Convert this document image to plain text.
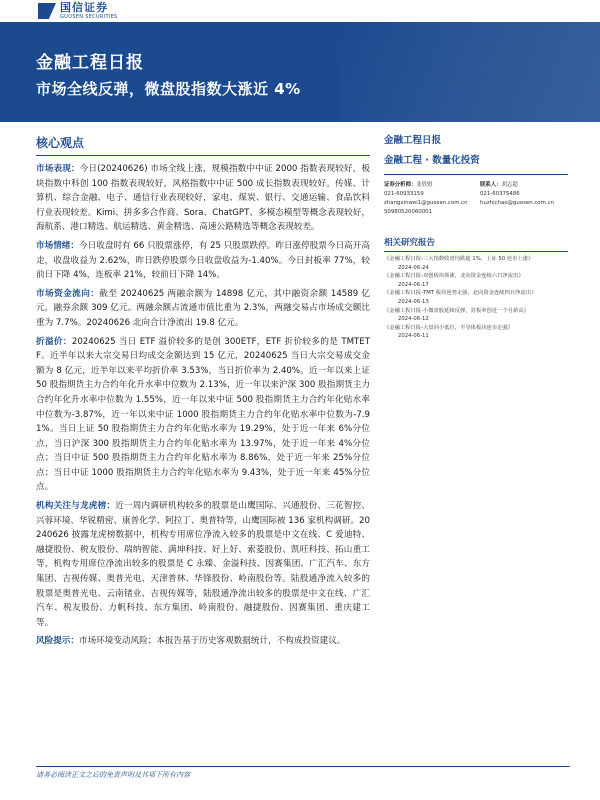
国信证券
GUOSEN SECURITIES
金融工程日报
市场全线反弹，微盘股指数大涨近 4%
核心观点

市场表现：今日(20240626) 市场全线上涨，规模指数中中证 2000 指数表现较好，板块指数中科创 100 指数表现较好，风格指数中中证 500 成长指数表现较好。传媒、计算机、综合金融、电子、通信行业表现较好，家电、煤炭、银行、交通运输、食品饮料行业表现较差。Kimi、拼多多合作商、Sora、ChatGPT、多模态模型等概念表现较好，海航系、港口精选、航运精选、黄金精选、高速公路精选等概念表现较差。

市场情绪：今日收盘时有 66 只股票涨停，有 25 只股票跌停。昨日涨停股票今日高开高走，收盘收益为 2.62%，昨日跌停股票今日收盘收益为-1.40%。今日封板率 77%，较前日下降 4%，连板率 21%，较前日下降 14%。

市场资金流向：截至 20240625 两融余额为 14898 亿元，其中融资余额 14589 亿元，融券余额 309 亿元。两融余额占流通市值比重为 2.3%，两融交易占市场成交额比重为 7.7%。20240626 北向合计净流出 19.8 亿元。

折溢价：20240625 当日 ETF 溢价较多的是创 300ETF，ETF 折价较多的是 TMTETF。近半年以来大宗交易日均成交金额达到 15 亿元，20240625 当日大宗交易成交金额为 8 亿元，近半年以来平均折价率 3.53%，当日折价率为 2.40%。近一年以来上证 50 股指期货主力合约年化升水率中位数为 2.13%，近一年以来沪深 300 股指期货主力合约年化升水率中位数为 1.55%，近一年以来中证 500 股指期货主力合约年化贴水率中位数为-3.87%，近一年以来中证 1000 股指期货主力合约年化贴水率中位数为-7.91%。当日上证 50 股指期货主力合约年化贴水率为 19.29%，处于近一年来 6%分位点，当日沪深 300 股指期货主力合约年化贴水率为 13.97%，处于近一年来 4%分位点；当日中证 500 股指期货主力合约年化贴水率为 8.86%，处于近一年来 25%分位点；当日中证 1000 股指期货主力合约年化贴水率为 9.43%，处于近一年来 45%分位点。

机构关注与龙虎榜：近一周内调研机构较多的股票是山鹰国际、兴通股份、三花智控、兴蓉环境、华锐精密、康普化学、阿拉丁、奥普特等，山鹰国际被 136 家机构调研。20240626 披露龙虎榜数据中，机构专用席位净流入较多的股票是中文在线、C 爱迪特、融捷股份、税友股份、瑞纳智能、满坤科技、好上好、索菱股份、凯旺科技、拓山重工等，机构专用席位净流出较多的股票是 C 永臻、金溢科技、因赛集团、广汇汽车、东方集团、吉视传媒、奥普光电、天津普林、华锋股份、岭南股份等。陆股通净流入较多的股票是奥普光电、云南锗业、吉视传媒等，陆股通净流出较多的股票是中文在线、广汇汽车、税友股份、力帆科技、东方集团、岭南股份、融捷股份、因赛集团、重庆建工等。

风险提示：市场环境变动风险；本报告基于历史客观数据统计，不构成投资建议。

金融工程日报
金融工程 · 数量化投资
证券分析师：张欣慰
021-60933159
zhangxinwei1@guosen.com.cn
S0980520060001
联系人：胡志超
021-60375486
huzhichao@guosen.com.cn
相关研究报告
《金融工程日报-三大指数收盘均跌超 1%，上证 50 逆市上涨》
2024-06-24
《金融工程日报-双创板块领涨，北向资金连续六日净流出》
2024-06-17
《金融工程日报-TMT 板块逆势走强，北向资金连续四日净流出》
2024-06-13
《金融工程日报-小微盘股延续反弹，封板率创近一个月新高》
2024-06-12
《金融工程日报-大盘回小低位，半导体板块逆市走强》
2024-06-11
请务必阅读正文之后的免责声明及其项下所有内容
